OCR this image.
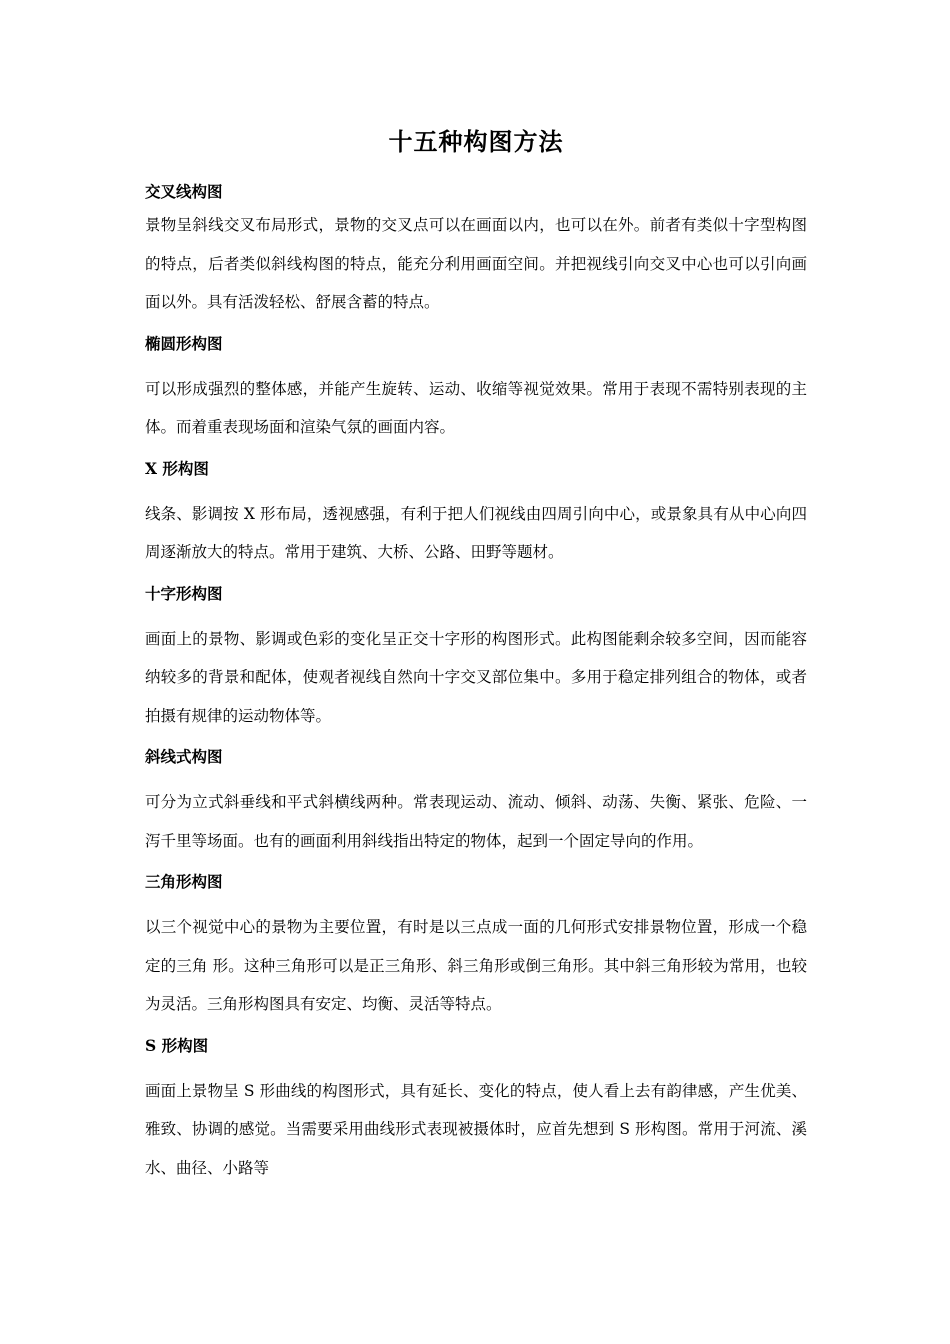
十五种构图方法
交叉线构图

景物呈斜线交叉布局形式，景物的交叉点可以在画面以内，也可以在外。前者有类似十字型构图的特点，后者类似斜线构图的特点，能充分利用画面空间。并把视线引向交叉中心也可以引向画面以外。具有活泼轻松、舒展含蓄的特点。

椭圆形构图

可以形成强烈的整体感，并能产生旋转、运动、收缩等视觉效果。常用于表现不需特别表现的主体。而着重表现场面和渲染气氛的画面内容。

X 形构图

线条、影调按 X 形布局，透视感强，有利于把人们视线由四周引向中心，或景象具有从中心向四周逐渐放大的特点。常用于建筑、大桥、公路、田野等题材。

十字形构图

画面上的景物、影调或色彩的变化呈正交十字形的构图形式。此构图能剩余较多空间，因而能容纳较多的背景和配体，使观者视线自然向十字交叉部位集中。多用于稳定排列组合的物体，或者拍摄有规律的运动物体等。

斜线式构图

可分为立式斜垂线和平式斜横线两种。常表现运动、流动、倾斜、动荡、失衡、紧张、危险、一泻千里等场面。也有的画面利用斜线指出特定的物体，起到一个固定导向的作用。

三角形构图

以三个视觉中心的景物为主要位置，有时是以三点成一面的几何形式安排景物位置，形成一个稳定的三角 形。这种三角形可以是正三角形、斜三角形或倒三角形。其中斜三角形较为常用，也较为灵活。三角形构图具有安定、均衡、灵活等特点。

S 形构图

画面上景物呈 S 形曲线的构图形式，具有延长、变化的特点，使人看上去有韵律感，产生优美、雅致、协调的感觉。当需要采用曲线形式表现被摄体时，应首先想到 S 形构图。常用于河流、溪水、曲径、小路等
